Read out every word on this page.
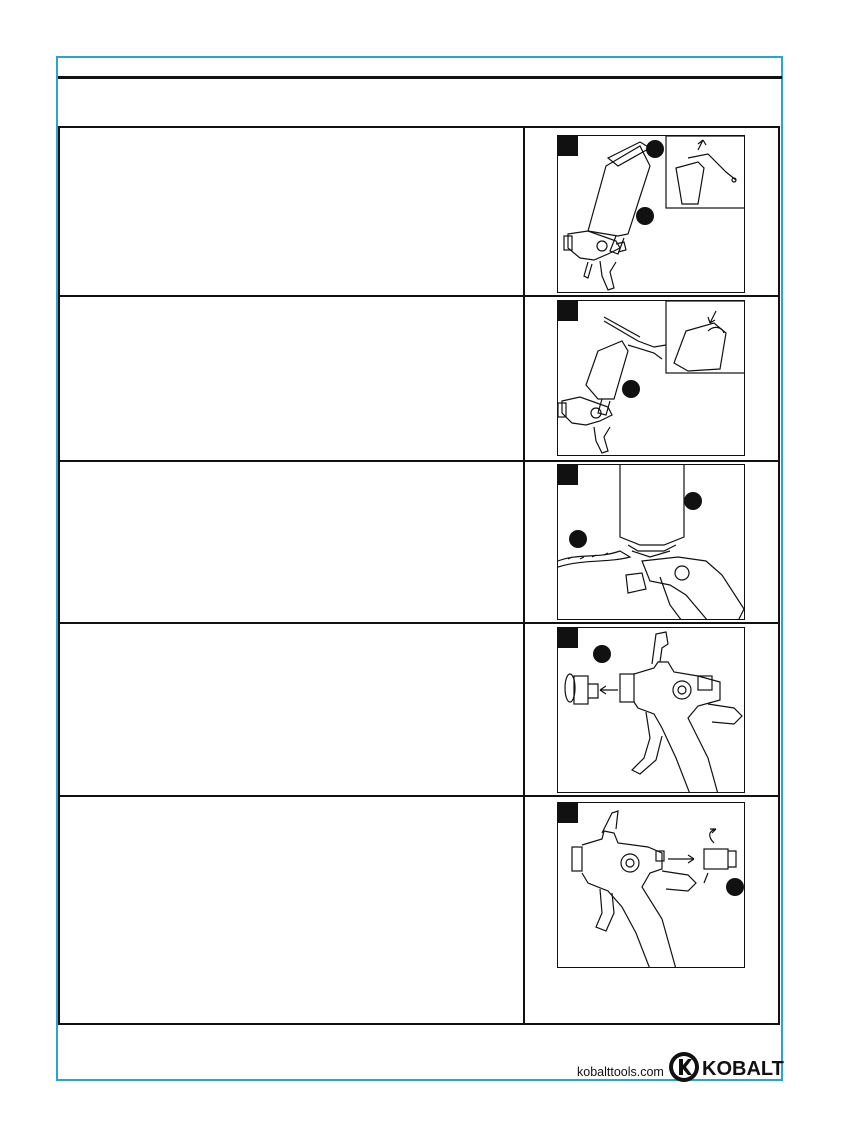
kobalttools.com KOBALT
